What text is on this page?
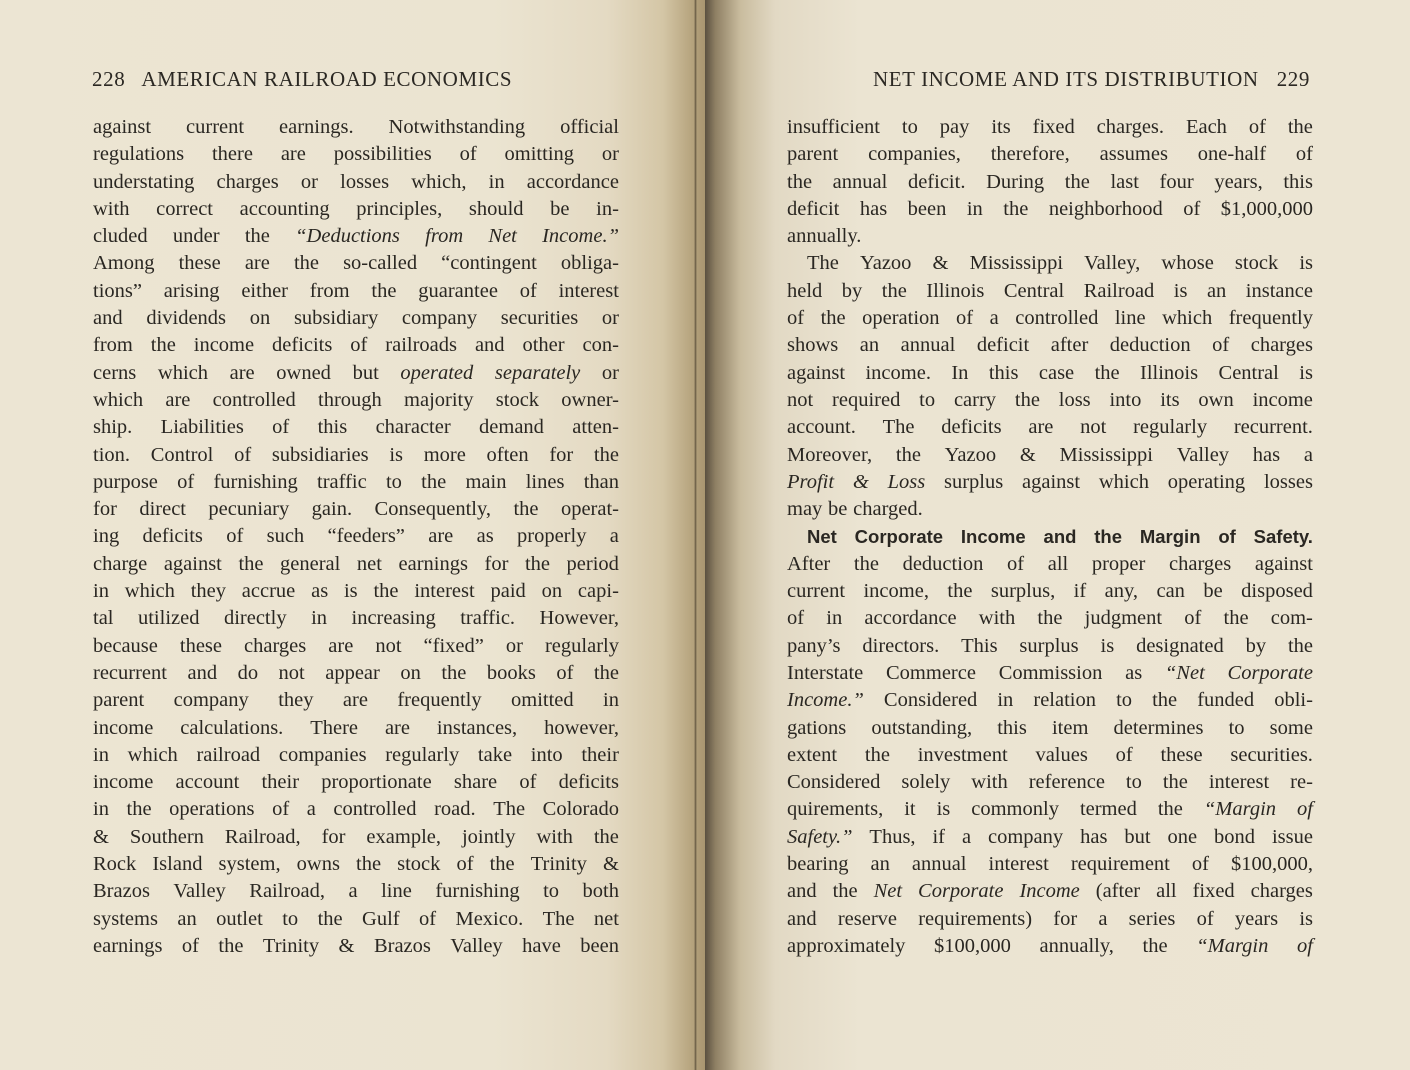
228 AMERICAN RAILROAD ECONOMICS
against current earnings. Notwithstanding official
regulations there are possibilities of omitting or
understating charges or losses which, in accordance
with correct accounting principles, should be in-
cluded under the “Deductions from Net Income.”
Among these are the so-called “contingent obliga-
tions” arising either from the guarantee of interest
and dividends on subsidiary company securities or
from the income deficits of railroads and other con-
cerns which are owned but operated separately or
which are controlled through majority stock owner-
ship. Liabilities of this character demand atten-
tion. Control of subsidiaries is more often for the
purpose of furnishing traffic to the main lines than
for direct pecuniary gain. Consequently, the operat-
ing deficits of such “feeders” are as properly a
charge against the general net earnings for the period
in which they accrue as is the interest paid on capi-
tal utilized directly in increasing traffic. However,
because these charges are not “fixed” or regularly
recurrent and do not appear on the books of the
parent company they are frequently omitted in
income calculations. There are instances, however,
in which railroad companies regularly take into their
income account their proportionate share of deficits
in the operations of a controlled road. The Colorado
& Southern Railroad, for example, jointly with the
Rock Island system, owns the stock of the Trinity &
Brazos Valley Railroad, a line furnishing to both
systems an outlet to the Gulf of Mexico. The net
earnings of the Trinity & Brazos Valley have been
NET INCOME AND ITS DISTRIBUTION 229
insufficient to pay its fixed charges. Each of the
parent companies, therefore, assumes one-half of
the annual deficit. During the last four years, this
deficit has been in the neighborhood of $1,000,000
annually.
The Yazoo & Mississippi Valley, whose stock is
held by the Illinois Central Railroad is an instance
of the operation of a controlled line which frequently
shows an annual deficit after deduction of charges
against income. In this case the Illinois Central is
not required to carry the loss into its own income
account. The deficits are not regularly recurrent.
Moreover, the Yazoo & Mississippi Valley has a
Profit & Loss surplus against which operating losses
may be charged.
Net Corporate Income and the Margin of Safety.
After the deduction of all proper charges against
current income, the surplus, if any, can be disposed
of in accordance with the judgment of the com-
pany’s directors. This surplus is designated by the
Interstate Commerce Commission as “Net Corporate
Income.” Considered in relation to the funded obli-
gations outstanding, this item determines to some
extent the investment values of these securities.
Considered solely with reference to the interest re-
quirements, it is commonly termed the “Margin of
Safety.” Thus, if a company has but one bond issue
bearing an annual interest requirement of $100,000,
and the Net Corporate Income (after all fixed charges
and reserve requirements) for a series of years is
approximately $100,000 annually, the “Margin of
